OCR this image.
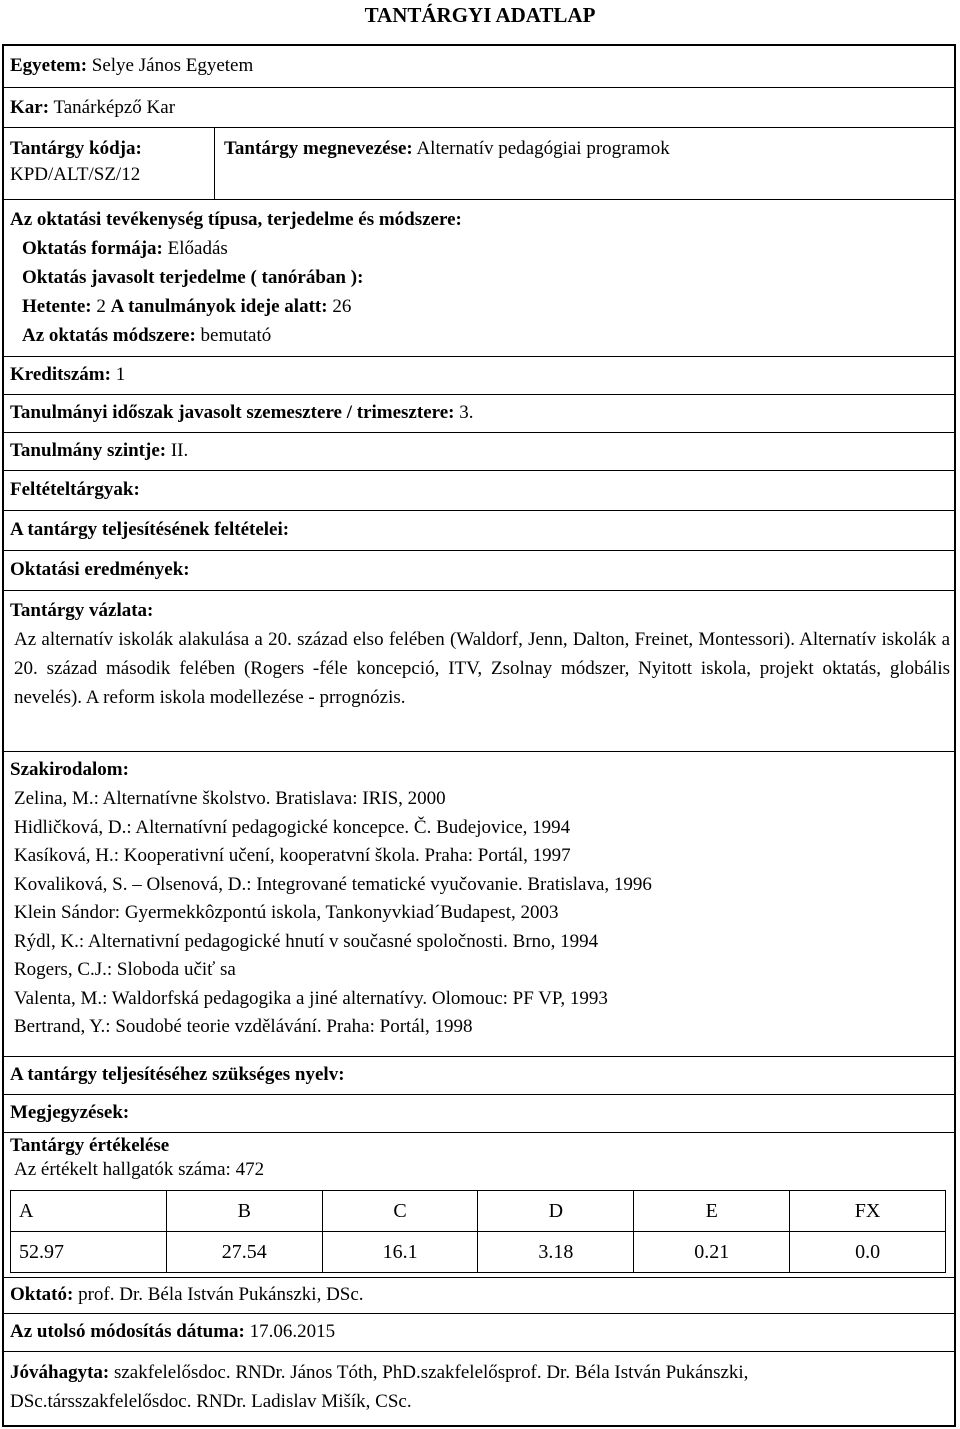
TANTÁRGYI ADATLAP
Egyetem: Selye János Egyetem
Kar: Tanárképző Kar
Tantárgy kódja:
KPD/ALT/SZ/12
Tantárgy megnevezése: Alternatív pedagógiai programok
Az oktatási tevékenység típusa, terjedelme és módszere:
Oktatás formája: Előadás
Oktatás javasolt terjedelme ( tanórában ):
Hetente: 2 A tanulmányok ideje alatt: 26
Az oktatás módszere: bemutató
Kreditszám: 1
Tanulmányi időszak javasolt szemesztere / trimesztere: 3.
Tanulmány szintje: II.
Feltételtárgyak:
A tantárgy teljesítésének feltételei:
Oktatási eredmények:
Tantárgy vázlata:
Az alternatív iskolák alakulása a 20. század elso felében (Waldorf, Jenn, Dalton, Freinet, Montessori). Alternatív iskolák a 20. század második felében (Rogers -féle koncepció, ITV, Zsolnay módszer, Nyitott iskola, projekt oktatás, globális nevelés). A reform iskola modellezése - prrognózis.
Szakirodalom:
Zelina, M.: Alternatívne školstvo. Bratislava: IRIS, 2000
Hidličková, D.: Alternatívní pedagogické koncepce. Č. Budejovice, 1994
Kasíková, H.: Kooperativní učení, kooperatvní škola. Praha: Portál, 1997
Kovaliková, S. – Olsenová, D.: Integrované tematické vyučovanie. Bratislava, 1996
Klein Sándor: Gyermekkôzpontú iskola, Tankonyvkiad´Budapest, 2003
Rýdl, K.: Alternativní pedagogické hnutí v současné spoločnosti. Brno, 1994
Rogers, C.J.: Sloboda učiť sa
Valenta, M.: Waldorfská pedagogika a jiné alternatívy. Olomouc: PF VP, 1993
Bertrand, Y.: Soudobé teorie vzdělávání. Praha: Portál, 1998
A tantárgy teljesítéséhez szükséges nyelv:
Megjegyzések:
Tantárgy értékelése
Az értékelt hallgatók száma: 472
A	B	C	D	E	FX
52.97	27.54	16.1	3.18	0.21	0.0
Oktató: prof. Dr. Béla István Pukánszki, DSc.
Az utolsó módosítás dátuma: 17.06.2015
Jóváhagyta: szakfelelősdoc. RNDr. János Tóth, PhD.szakfelelősprof. Dr. Béla István Pukánszki,
DSc.társszakfelelősdoc. RNDr. Ladislav Mišík, CSc.
